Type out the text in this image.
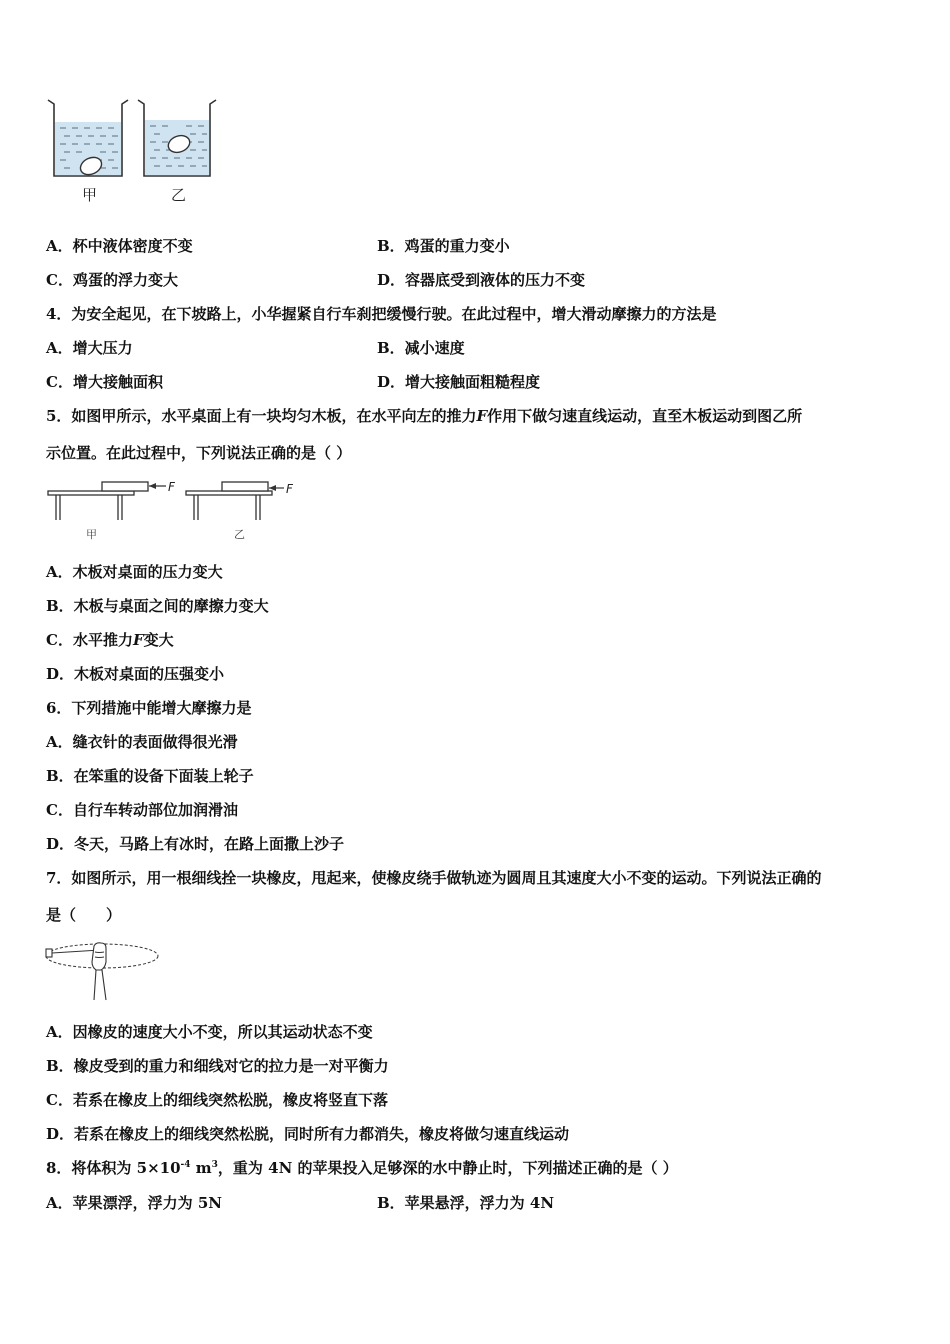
甲	乙
A．杯中液体密度不变	B．鸡蛋的重力变小
C．鸡蛋的浮力变大	D．容器底受到液体的压力不变
4．为安全起见，在下坡路上，小华握紧自行车刹把缓慢行驶。在此过程中，增大滑动摩擦力的方法是
A．增大压力	B．减小速度
C．增大接触面积	D．增大接触面粗糙程度
5．如图甲所示，水平桌面上有一块均匀木板，在水平向左的推力F作用下做匀速直线运动，直至木板运动到图乙所
示位置。在此过程中，下列说法正确的是（ ）
F
甲
F
乙
A．木板对桌面的压力变大
B．木板与桌面之间的摩擦力变大
C．水平推力F变大
D．木板对桌面的压强变小
6．下列措施中能增大摩擦力是
A．缝衣针的表面做得很光滑
B．在笨重的设备下面装上轮子
C．自行车转动部位加润滑油
D．冬天，马路上有冰时，在路上面撒上沙子
7．如图所示，用一根细线拴一块橡皮，甩起来，使橡皮绕手做轨迹为圆周且其速度大小不变的运动。下列说法正确的
是（　　）
A．因橡皮的速度大小不变，所以其运动状态不变
B．橡皮受到的重力和细线对它的拉力是一对平衡力
C．若系在橡皮上的细线突然松脱，橡皮将竖直下落
D．若系在橡皮上的细线突然松脱，同时所有力都消失，橡皮将做匀速直线运动
8．将体积为 $5\times 10^{-4}$ $m^3$，重为 4N 的苹果投入足够深的水中静止时，下列描述正确的是（ ）
A．苹果漂浮，浮力为 5N	B．苹果悬浮，浮力为 4N
